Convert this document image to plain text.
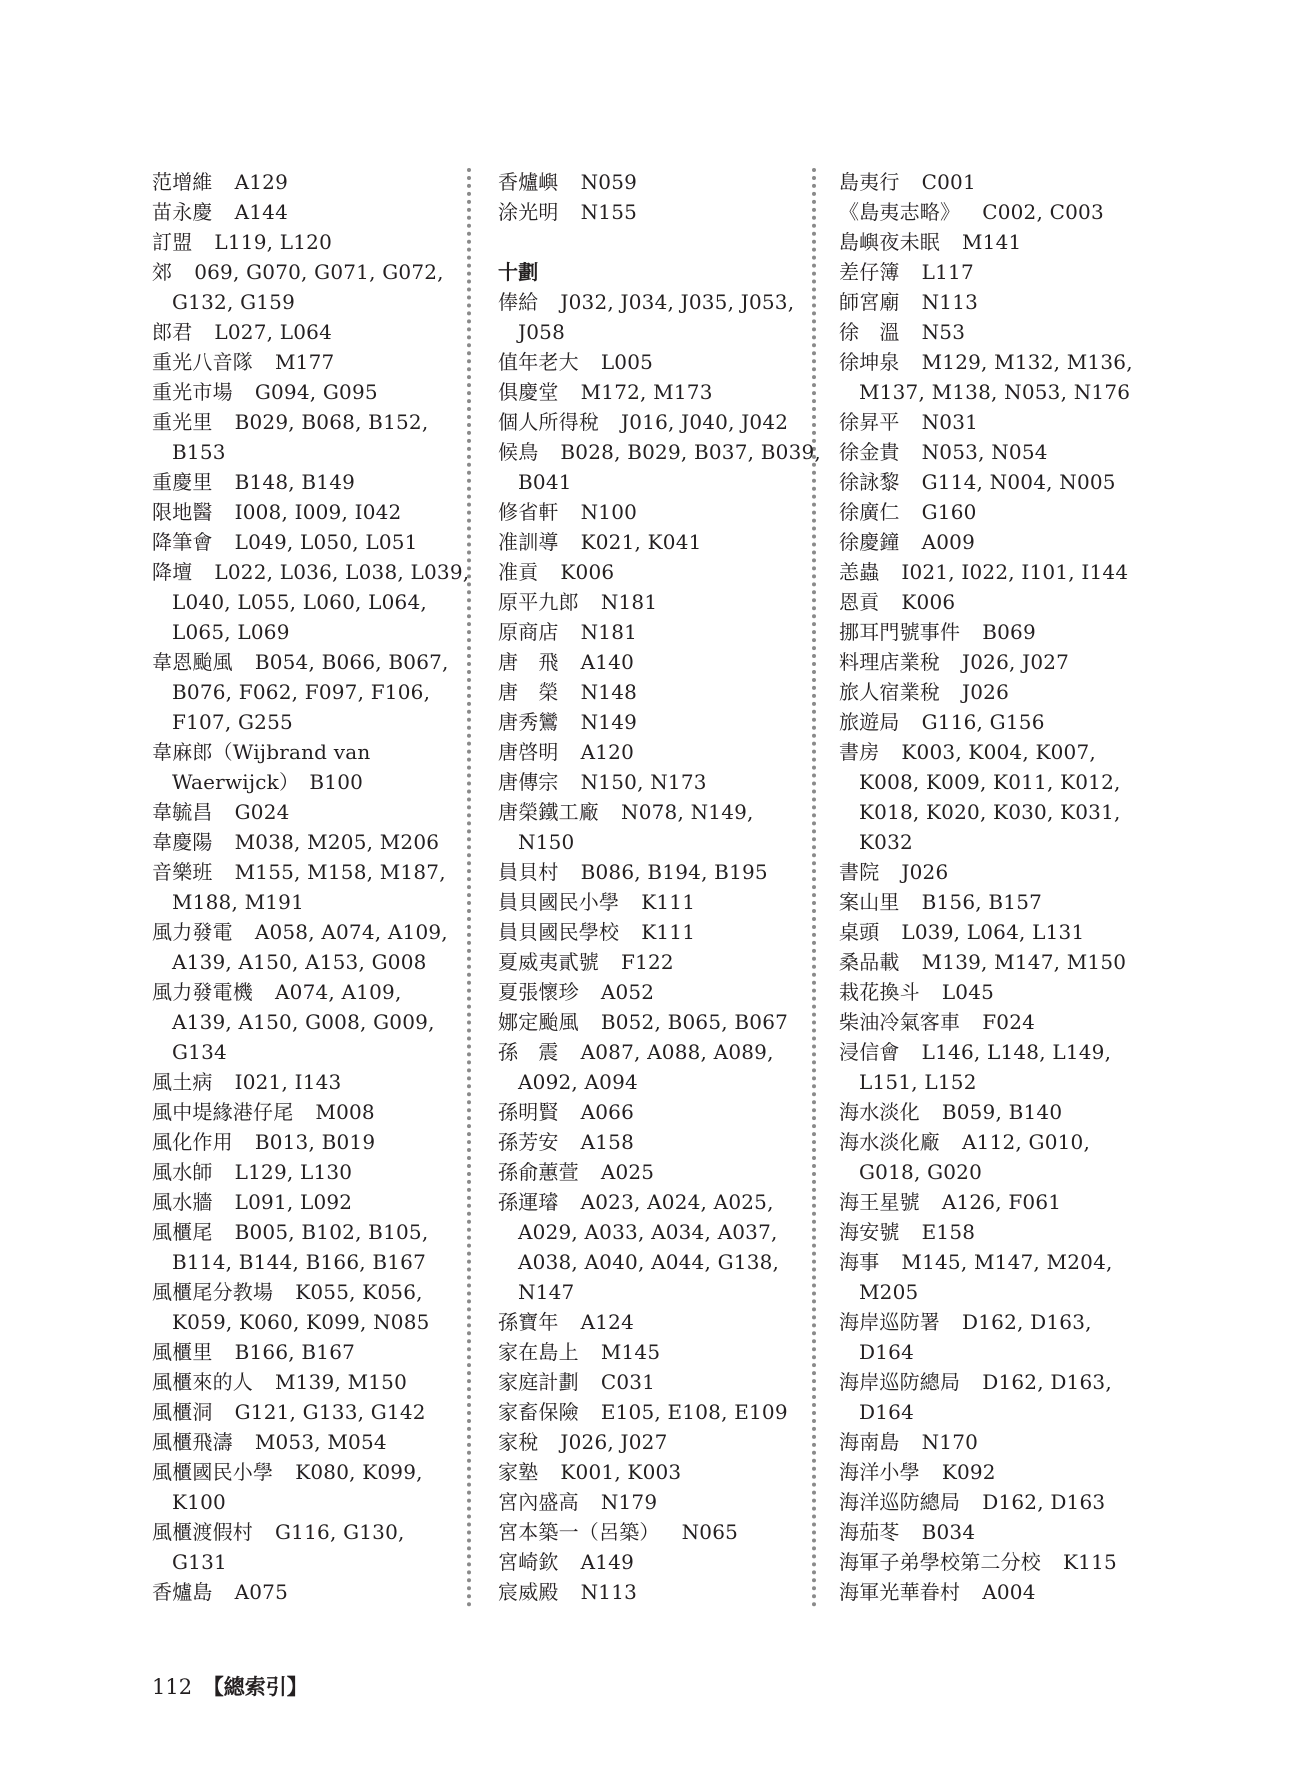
范增維 A129
苗永慶 A144
訂盟 L119, L120
郊 069, G070, G071, G072,
G132, G159
郎君 L027, L064
重光八音隊 M177
重光市場 G094, G095
重光里 B029, B068, B152,
B153
重慶里 B148, B149
限地醫 I008, I009, I042
降筆會 L049, L050, L051
降壇 L022, L036, L038, L039,
L040, L055, L060, L064,
L065, L069
韋恩颱風 B054, B066, B067,
B076, F062, F097, F106,
F107, G255
韋麻郎（Wijbrand van
Waerwijck）　B100
韋毓昌 G024
韋慶陽 M038, M205, M206
音樂班 M155, M158, M187,
M188, M191
風力發電 A058, A074, A109,
A139, A150, A153, G008
風力發電機 A074, A109,
A139, A150, G008, G009,
G134
風土病 I021, I143
風中堤緣港仔尾 M008
風化作用 B013, B019
風水師 L129, L130
風水牆 L091, L092
風櫃尾 B005, B102, B105,
B114, B144, B166, B167
風櫃尾分教場 K055, K056,
K059, K060, K099, N085
風櫃里 B166, B167
風櫃來的人 M139, M150
風櫃洞 G121, G133, G142
風櫃飛濤 M053, M054
風櫃國民小學 K080, K099,
K100
風櫃渡假村 G116, G130,
G131
香爐島 A075
香爐嶼 N059
涂光明 N155
十劃
俸給 J032, J034, J035, J053,
J058
值年老大 L005
俱慶堂 M172, M173
個人所得稅 J016, J040, J042
候鳥 B028, B029, B037, B039,
B041
修省軒 N100
准訓導 K021, K041
准貢 K006
原平九郎 N181
原商店 N181
唐　飛 A140
唐　榮 N148
唐秀鸞 N149
唐啓明 A120
唐傳宗 N150, N173
唐榮鐵工廠 N078, N149,
N150
員貝村 B086, B194, B195
員貝國民小學 K111
員貝國民學校 K111
夏威夷貳號 F122
夏張懷珍 A052
娜定颱風 B052, B065, B067
孫　震 A087, A088, A089,
A092, A094
孫明賢 A066
孫芳安 A158
孫俞蕙萱 A025
孫運璿 A023, A024, A025,
A029, A033, A034, A037,
A038, A040, A044, G138,
N147
孫寶年 A124
家在島上 M145
家庭計劃 C031
家畜保險 E105, E108, E109
家稅 J026, J027
家塾 K001, K003
宮內盛高 N179
宮本築一（呂築） N065
宮崎欽 A149
宸威殿 N113
島夷行 C001
《島夷志略》 C002, C003
島嶼夜未眠 M141
差仔簿 L117
師宮廟 N113
徐　溫 N53
徐坤泉 M129, M132, M136,
M137, M138, N053, N176
徐昇平 N031
徐金貴 N053, N054
徐詠黎 G114, N004, N005
徐廣仁 G160
徐慶鐘 A009
恙蟲 I021, I022, I101, I144
恩貢 K006
挪耳門號事件 B069
料理店業稅 J026, J027
旅人宿業稅 J026
旅遊局 G116, G156
書房 K003, K004, K007,
K008, K009, K011, K012,
K018, K020, K030, K031,
K032
書院 J026
案山里 B156, B157
桌頭 L039, L064, L131
桑品載 M139, M147, M150
栽花換斗 L045
柴油冷氣客車 F024
浸信會 L146, L148, L149,
L151, L152
海水淡化 B059, B140
海水淡化廠 A112, G010,
G018, G020
海王星號 A126, F061
海安號 E158
海事 M145, M147, M204,
M205
海岸巡防署 D162, D163,
D164
海岸巡防總局 D162, D163,
D164
海南島 N170
海洋小學 K092
海洋巡防總局 D162, D163
海茄苳 B034
海軍子弟學校第二分校 K115
海軍光華眷村 A004
112 【總索引】
